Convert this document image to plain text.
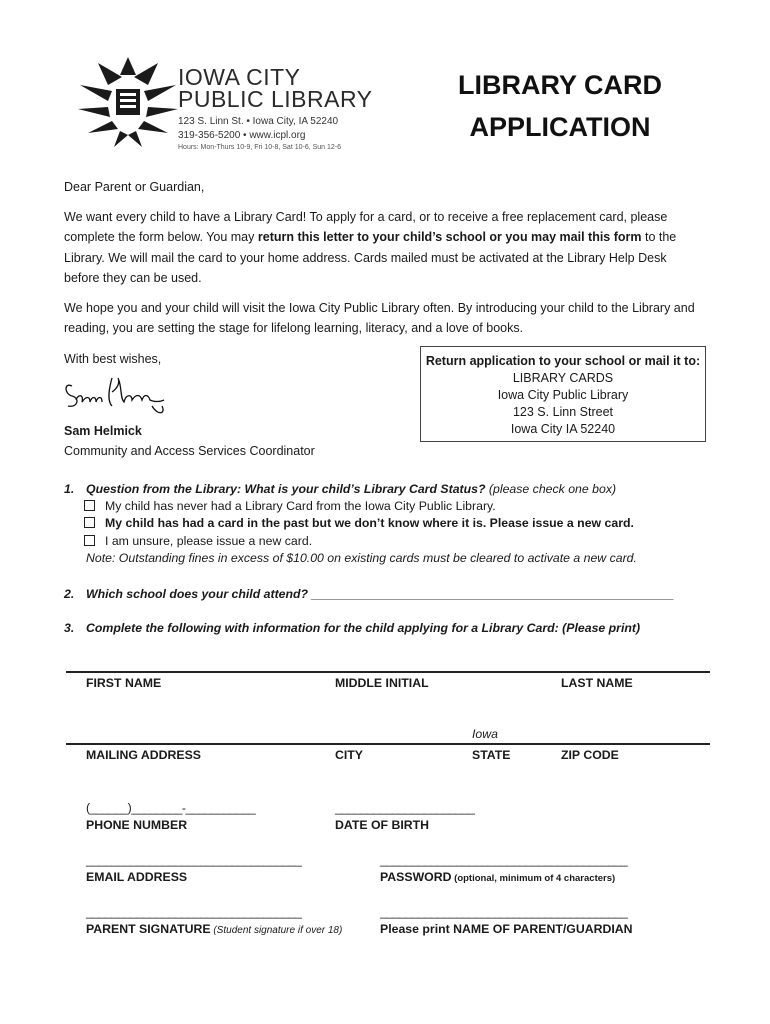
IOWA CITY
PUBLIC LIBRARY
123 S. Linn St. • Iowa City, IA 52240
319-356-5200 • www.icpl.org
Hours: Mon-Thurs 10-9, Fri 10-8, Sat 10-6, Sun 12-6
LIBRARY CARD
APPLICATION
Dear Parent or Guardian,
We want every child to have a Library Card! To apply for a card, or to receive a free replacement card, please complete the form below. You may return this letter to your child’s school or you may mail this form to the Library. We will mail the card to your home address. Cards mailed must be activated at the Library Help Desk before they can be used.
We hope you and your child will visit the Iowa City Public Library often. By introducing your child to the Library and reading, you are setting the stage for lifelong learning, literacy, and a love of books.
With best wishes,
Sam Helmick
Community and Access Services Coordinator
Return application to your school or mail it to:
LIBRARY CARDS
Iowa City Public Library
123 S. Linn Street
Iowa City IA 52240
1. Question from the Library: What is your child’s Library Card Status? (please check one box)
My child has never had a Library Card from the Iowa City Public Library.
My child has had a card in the past but we don’t know where it is. Please issue a new card.
I am unsure, please issue a new card.
Note: Outstanding fines in excess of $10.00 on existing cards must be cleared to activate a new card.
2. Which school does your child attend? _____________________________________________________
3. Complete the following with information for the child applying for a Library Card: (Please print)
FIRST NAME	MIDDLE INITIAL	LAST NAME
Iowa
MAILING ADDRESS	CITY	STATE	ZIP CODE
(______)________-___________	______________________
PHONE NUMBER	DATE OF BIRTH
__________________________________	_______________________________________
EMAIL ADDRESS	PASSWORD (optional, minimum of 4 characters)
__________________________________	_______________________________________
PARENT SIGNATURE (Student signature if over 18)	Please print NAME OF PARENT/GUARDIAN
